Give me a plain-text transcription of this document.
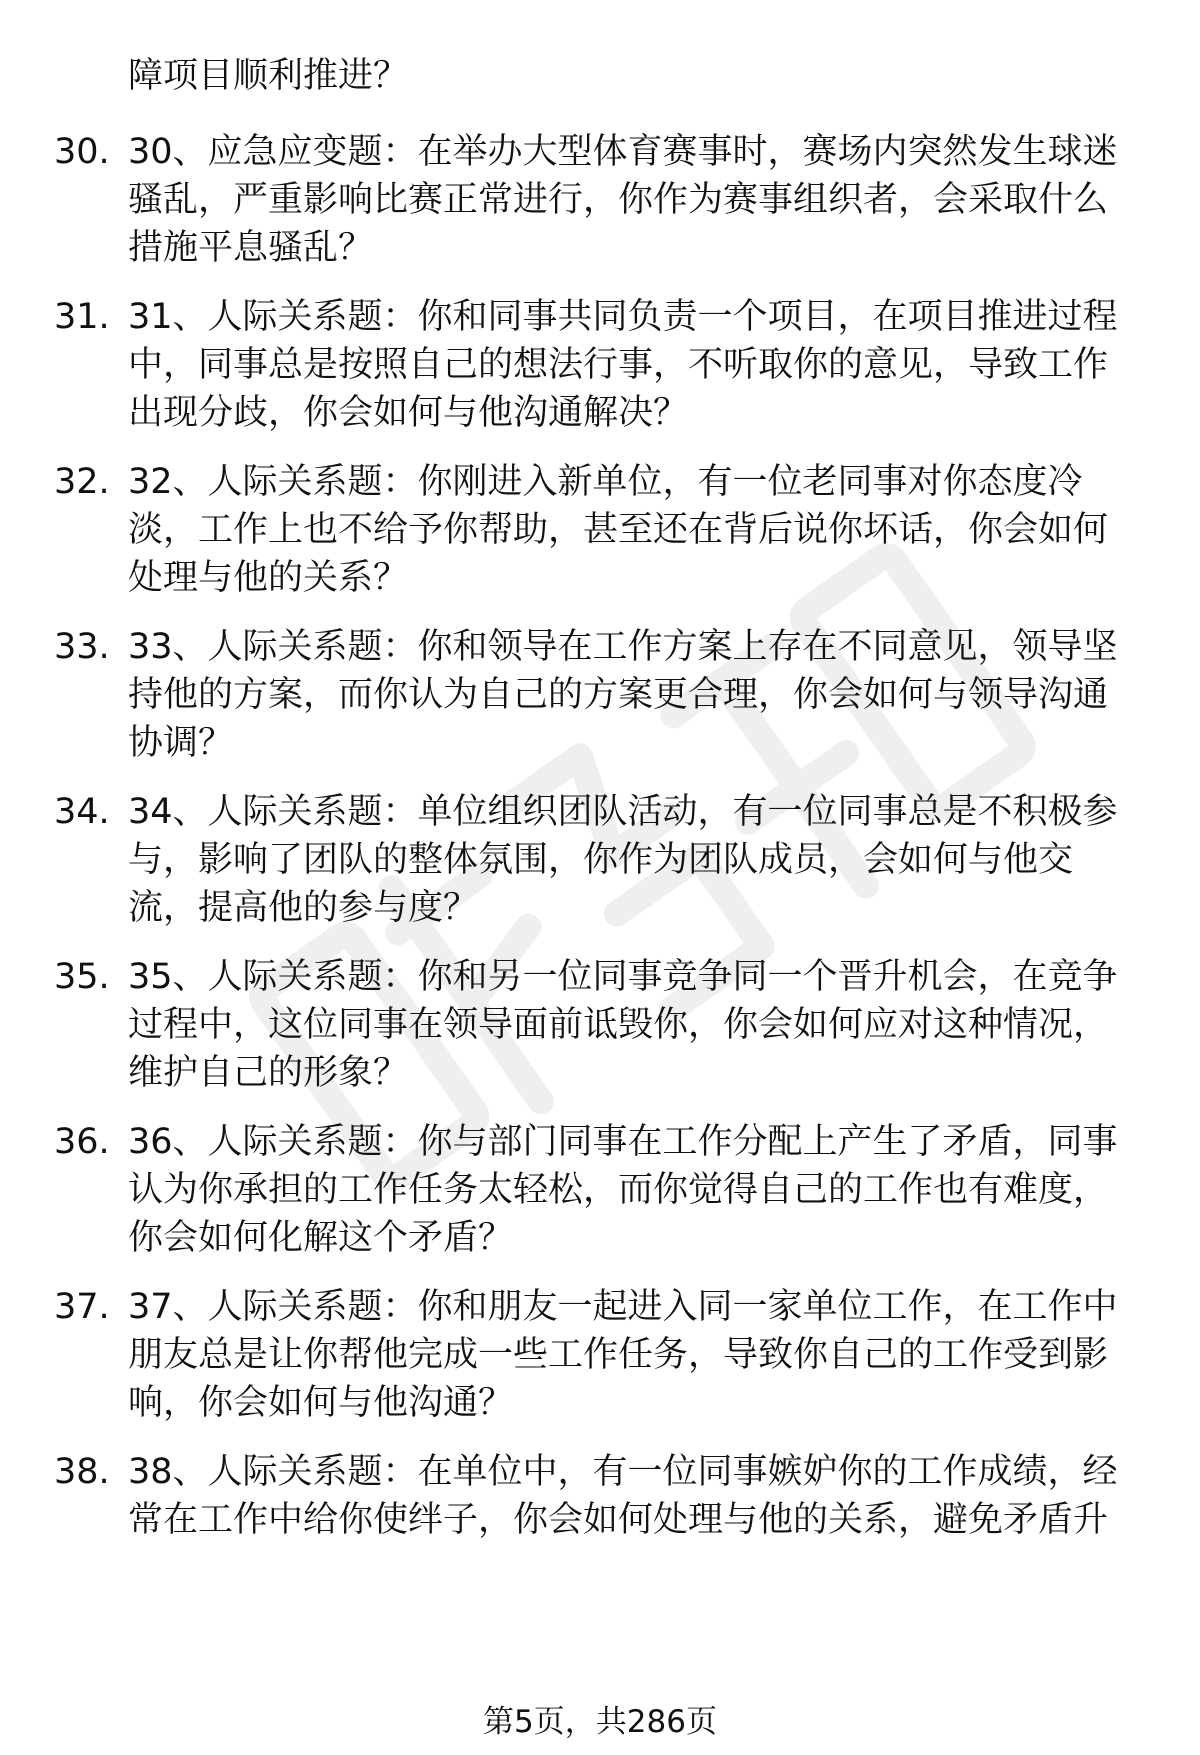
障项目顺利推进？
30. 30、应急应变题：在举办大型体育赛事时，赛场内突然发生球迷
骚乱，严重影响比赛正常进行，你作为赛事组织者，会采取什么
措施平息骚乱？
31. 31、人际关系题：你和同事共同负责一个项目，在项目推进过程
中，同事总是按照自己的想法行事，不听取你的意见，导致工作
出现分歧，你会如何与他沟通解决？
32. 32、人际关系题：你刚进入新单位，有一位老同事对你态度冷
淡，工作上也不给予你帮助，甚至还在背后说你坏话，你会如何
处理与他的关系？
33. 33、人际关系题：你和领导在工作方案上存在不同意见，领导坚
持他的方案，而你认为自己的方案更合理，你会如何与领导沟通
协调？
34. 34、人际关系题：单位组织团队活动，有一位同事总是不积极参
与，影响了团队的整体氛围，你作为团队成员，会如何与他交
流，提高他的参与度？
35. 35、人际关系题：你和另一位同事竞争同一个晋升机会，在竞争
过程中，这位同事在领导面前诋毁你，你会如何应对这种情况，
维护自己的形象？
36. 36、人际关系题：你与部门同事在工作分配上产生了矛盾，同事
认为你承担的工作任务太轻松，而你觉得自己的工作也有难度，
你会如何化解这个矛盾？
37. 37、人际关系题：你和朋友一起进入同一家单位工作，在工作中
朋友总是让你帮他完成一些工作任务，导致你自己的工作受到影
响，你会如何与他沟通？
38. 38、人际关系题：在单位中，有一位同事嫉妒你的工作成绩，经
常在工作中给你使绊子，你会如何处理与他的关系，避免矛盾升
第5页，共286页
